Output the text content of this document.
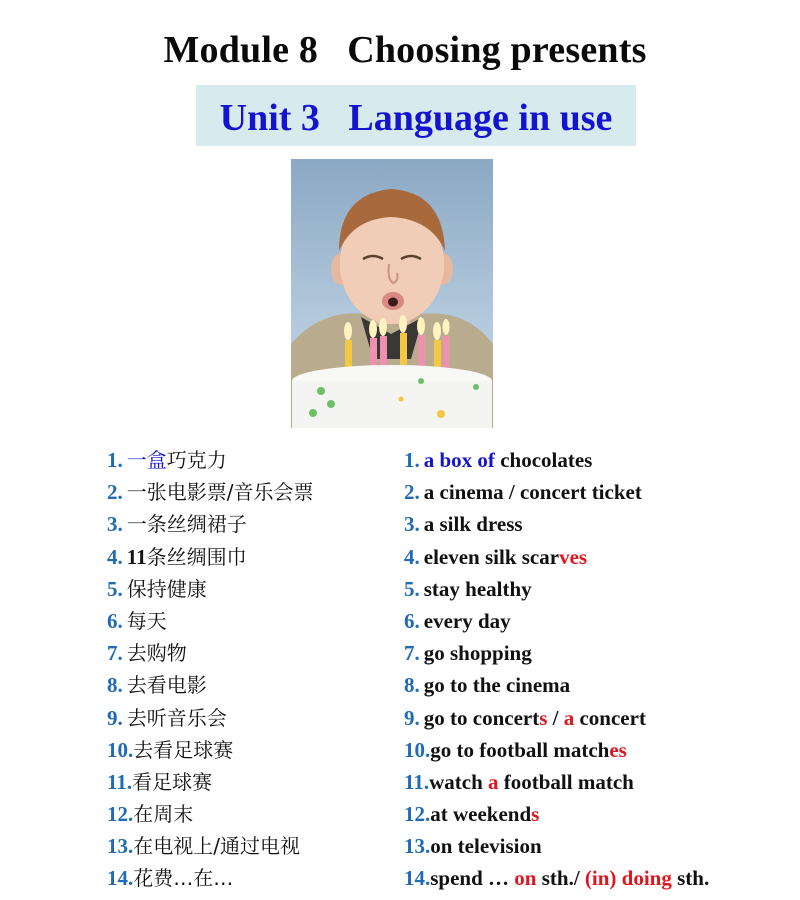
Module 8   Choosing presents
Unit 3   Language in use
1. 一盒 巧克力
2. 一张电影票/音乐会票
3. 一条丝绸裙子
4. 11 条丝绸围巾
5. 保持健康
6. 每天
7. 去购物
8. 去看电影
9. 去听音乐会
10. 去看足球赛
11. 看足球赛
12. 在周末
13. 在电视上/通过电视
14. 花费…在…
1. a box of chocolates
2. a cinema / concert ticket
3. a silk dress
4. eleven silk scar ves
5. stay healthy
6. every day
7. go shopping
8. go to the cinema
9. go to concert s / a concert
10. go to football match es
11. watch a football match
12. at weekend s
13. on television
14. spend … on sth./ (in) doing sth.
